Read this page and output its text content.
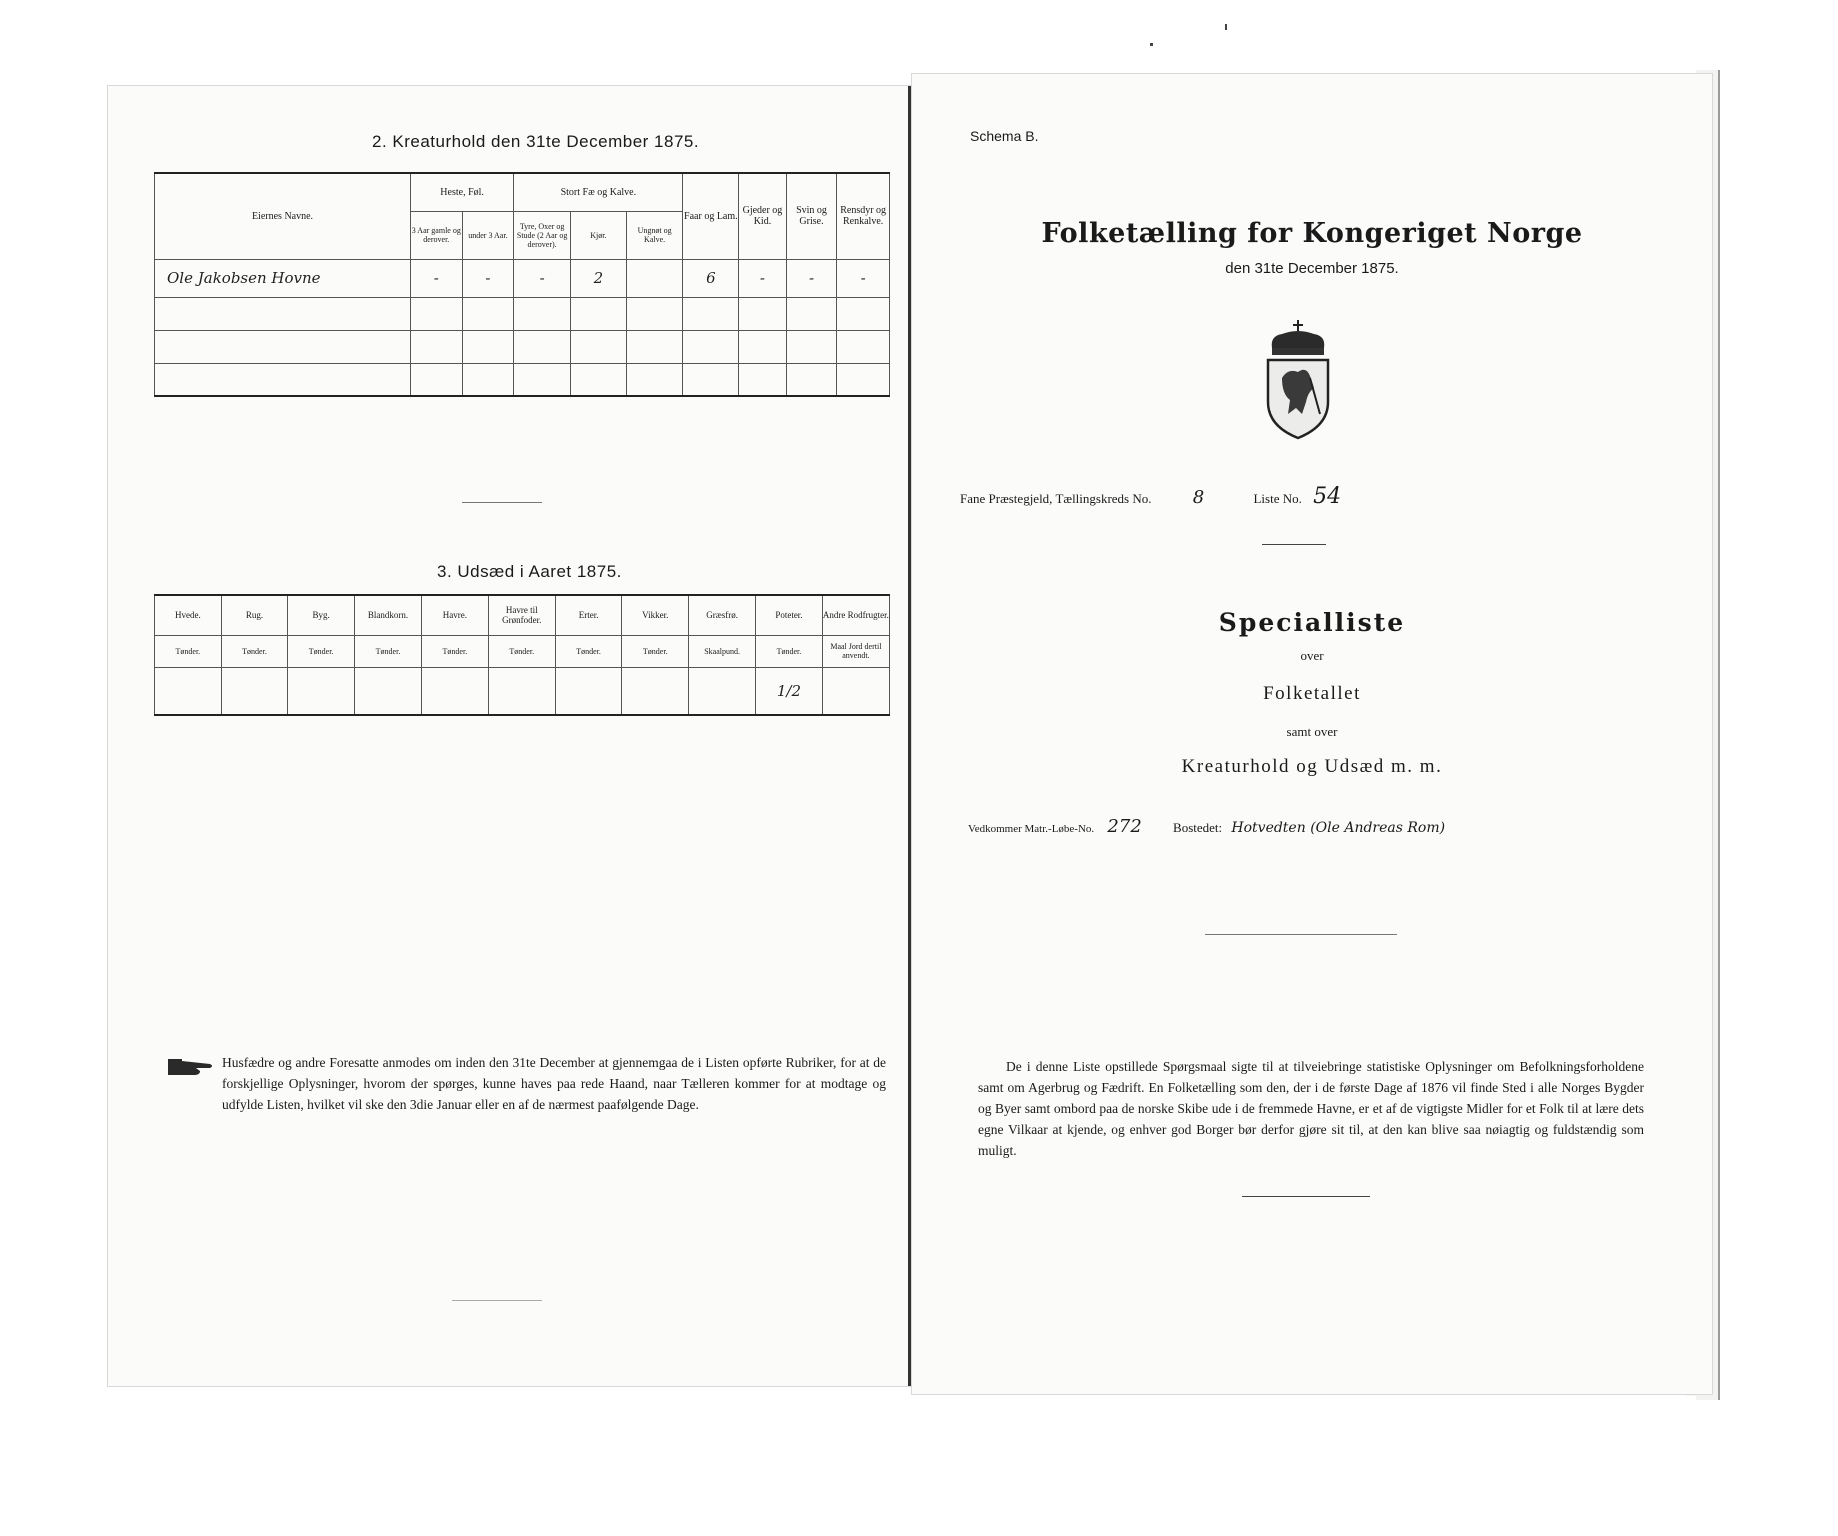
2. Kreaturhold den 31te December 1875.
Eiernes Navne.	Heste, Føl.		Stort Fæ og Kalve.			Faar og Lam.	Gjeder og Kid.	Svin og Grise.	Rensdyr og Renkalve.
	3 Aar gamle og derover.	under 3 Aar.	Tyre, Oxer og Stude (2 Aar og derover).	Kjør.	Ungnøt og Kalve.				
Ole Jakobsen Hovne	-	-	-	2		6	-	-	-

3. Udsæd i Aaret 1875.
Hvede.	Rug.	Byg.	Blandkorn.	Havre.	Havre til Grønfoder.	Erter.	Vikker.	Græsfrø.	Poteter.	Andre Rodfrugter.
Tønder.	Tønder.	Tønder.	Tønder.	Tønder.	Tønder.	Tønder.	Tønder.	Skaalpund.	Tønder.	Maal Jord dertil anvendt.
									1/2	
Husfædre og andre Foresatte anmodes om inden den 31te December at gjennemgaa de i Listen opførte Rubriker, for at de forskjellige Oplysninger, hvorom der spørges, kunne haves paa rede Haand, naar Tælleren kommer for at modtage og udfylde Listen, hvilket vil ske den 3die Januar eller en af de nærmest paafølgende Dage.
Schema B.
Folketælling for Kongeriget Norge
den 31te December 1875.
Fane Præstegjeld, Tællingskreds No. 8	Liste No. 54
Specialliste
over
Folketallet
samt over
Kreaturhold og Udsæd m. m.
Vedkommer Matr.-Løbe-No. 272 Bostedet: Hotvedten (Ole Andreas Rom)
De i denne Liste opstillede Spørgsmaal sigte til at tilveiebringe statistiske Oplysninger om Befolkningsforholdene samt om Agerbrug og Fædrift. En Folketælling som den, der i de første Dage af 1876 vil finde Sted i alle Norges Bygder og Byer samt ombord paa de norske Skibe ude i de fremmede Havne, er et af de vigtigste Midler for et Folk til at lære dets egne Vilkaar at kjende, og enhver god Borger bør derfor gjøre sit til, at den kan blive saa nøiagtig og fuldstændig som muligt.
